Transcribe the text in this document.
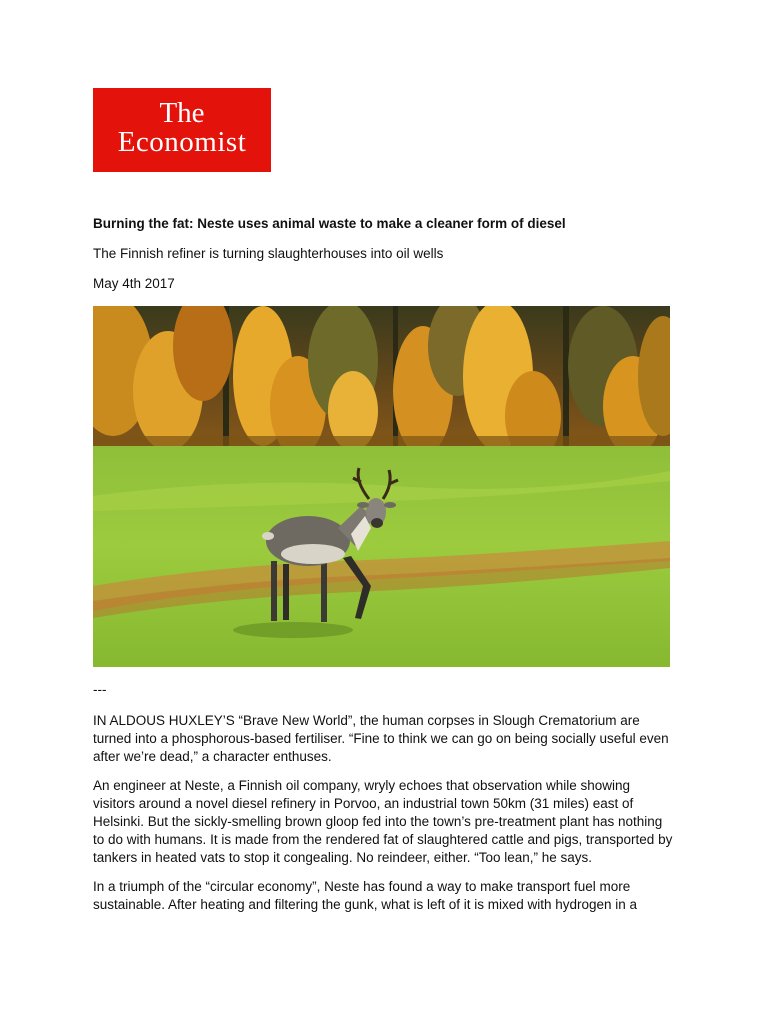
The
Economist
Burning the fat: Neste uses animal waste to make a cleaner form of diesel
The Finnish refiner is turning slaughterhouses into oil wells
May 4th 2017
---

IN ALDOUS HUXLEY’S “Brave New World”, the human corpses in Slough Crematorium are turned into a phosphorous-based fertiliser. “Fine to think we can go on being socially useful even after we’re dead,” a character enthuses.

An engineer at Neste, a Finnish oil company, wryly echoes that observation while showing visitors around a novel diesel refinery in Porvoo, an industrial town 50km (31 miles) east of Helsinki. But the sickly-smelling brown gloop fed into the town’s pre-treatment plant has nothing to do with humans. It is made from the rendered fat of slaughtered cattle and pigs, transported by tankers in heated vats to stop it congealing. No reindeer, either. “Too lean,” he says.

In a triumph of the “circular economy”, Neste has found a way to make transport fuel more sustainable. After heating and filtering the gunk, what is left of it is mixed with hydrogen in a
